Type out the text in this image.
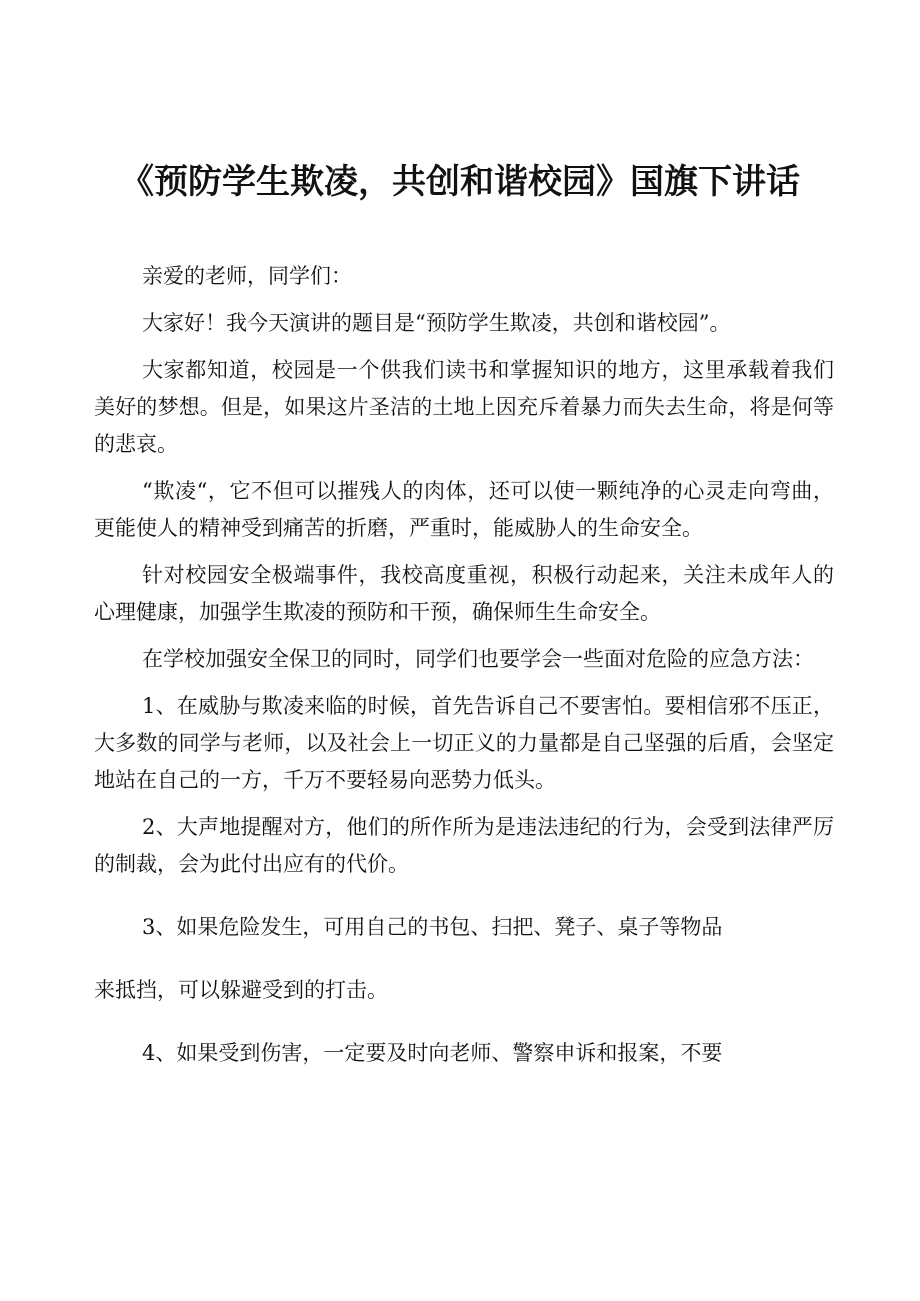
《预防学生欺凌，共创和谐校园》国旗下讲话

亲爱的老师，同学们：

大家好！我今天演讲的题目是“预防学生欺凌，共创和谐校园”。

大家都知道，校园是一个供我们读书和掌握知识的地方，这里承载着我们美好的梦想。但是，如果这片圣洁的土地上因充斥着暴力而失去生命，将是何等的悲哀。

“欺凌“，它不但可以摧残人的肉体，还可以使一颗纯净的心灵走向弯曲，更能使人的精神受到痛苦的折磨，严重时，能威胁人的生命安全。

针对校园安全极端事件，我校高度重视，积极行动起来，关注未成年人的心理健康，加强学生欺凌的预防和干预，确保师生生命安全。

在学校加强安全保卫的同时，同学们也要学会一些面对危险的应急方法：

1、在威胁与欺凌来临的时候，首先告诉自己不要害怕。要相信邪不压正，大多数的同学与老师，以及社会上一切正义的力量都是自己坚强的后盾，会坚定地站在自己的一方，千万不要轻易向恶势力低头。

2、大声地提醒对方，他们的所作所为是违法违纪的行为，会受到法律严厉的制裁，会为此付出应有的代价。

3、如果危险发生，可用自己的书包、扫把、凳子、桌子等物品
来抵挡，可以躲避受到的打击。

4、如果受到伤害，一定要及时向老师、警察申诉和报案，不要
